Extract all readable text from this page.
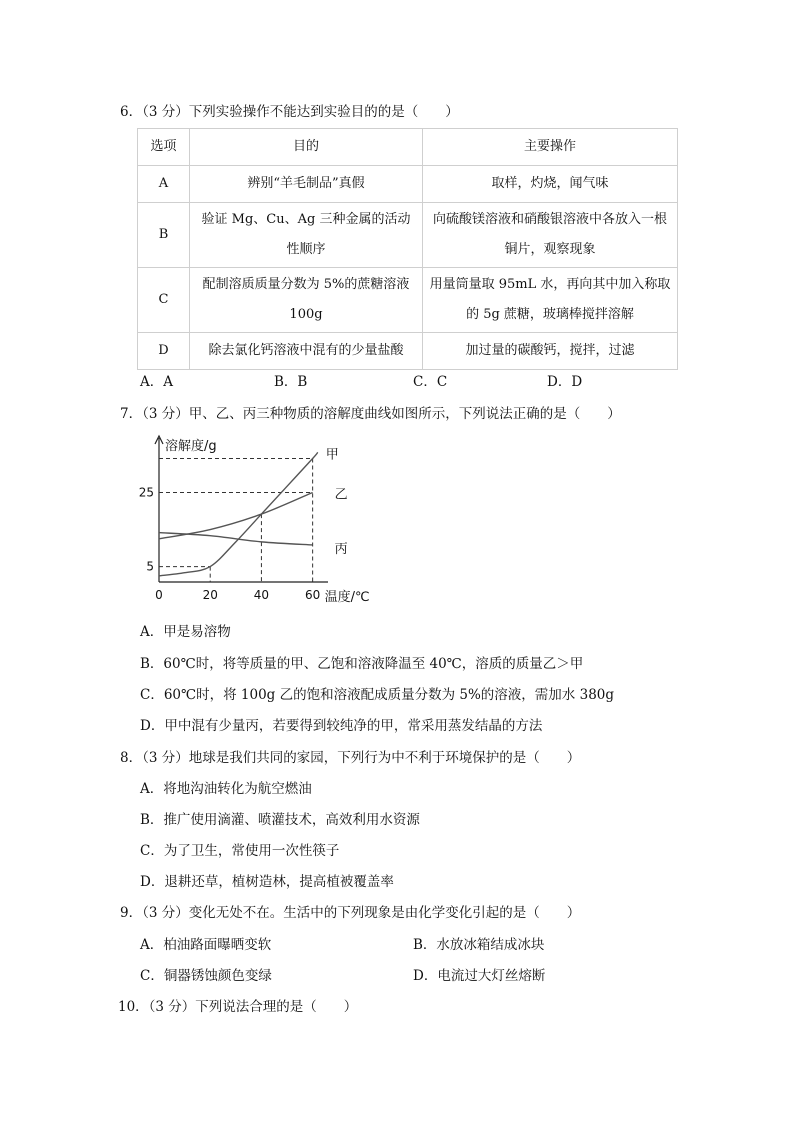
6．（3 分）下列实验操作不能达到实验目的的是（　　）
选项	目的	主要操作
A	辨别“羊毛制品”真假	取样，灼烧，闻气味
B	验证 Mg、Cu、Ag 三种金属的活动性顺序	向硫酸镁溶液和硝酸银溶液中各放入一根铜片，观察现象
C	配制溶质质量分数为 5%的蔗糖溶液 100g	用量筒量取 95mL 水，再向其中加入称取的 5g 蔗糖，玻璃棒搅拌溶解
D	除去氯化钙溶液中混有的少量盐酸	加过量的碳酸钙，搅拌，过滤
A．A	B．B	C．C	D．D
7．（3 分）甲、乙、丙三种物质的溶解度曲线如图所示，下列说法正确的是（　　）
0	20	40	60
5
25
溶解度/g
温度/℃
甲
乙
丙
A．甲是易溶物
B．60℃时，将等质量的甲、乙饱和溶液降温至 40℃，溶质的质量乙＞甲
C．60℃时，将 100g 乙的饱和溶液配成质量分数为 5%的溶液，需加水 380g
D．甲中混有少量丙，若要得到较纯净的甲，常采用蒸发结晶的方法
8．（3 分）地球是我们共同的家园，下列行为中不利于环境保护的是（　　）
A．将地沟油转化为航空燃油
B．推广使用滴灌、喷灌技术，高效利用水资源
C．为了卫生，常使用一次性筷子
D．退耕还草，植树造林，提高植被覆盖率
9．（3 分）变化无处不在。生活中的下列现象是由化学变化引起的是（　　）
A．柏油路面曝晒变软	B．水放冰箱结成冰块
C．铜器锈蚀颜色变绿	D．电流过大灯丝熔断
10．（3 分）下列说法合理的是（　　）
